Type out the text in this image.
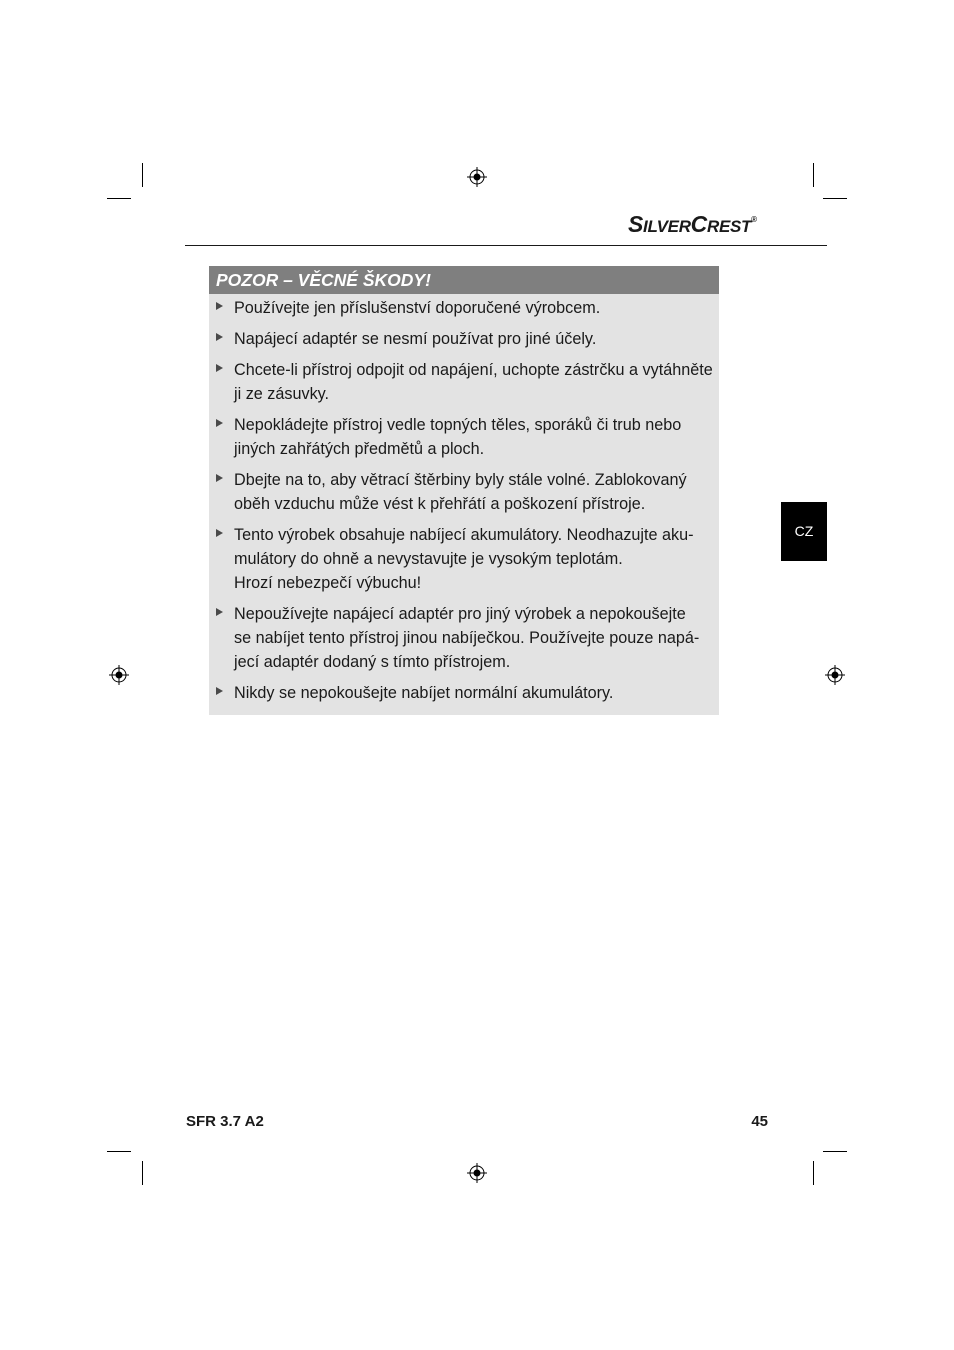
SILVERCREST®
POZOR – VĚCNÉ ŠKODY!
Používejte jen příslušenství doporučené výrobcem.
Napájecí adaptér se nesmí používat pro jiné účely.
Chcete-li přístroj odpojit od napájení, uchopte zástrčku a vytáhněte
ji ze zásuvky.
Nepokládejte přístroj vedle topných těles, sporáků či trub nebo
jiných zahřátých předmětů a ploch.
Dbejte na to, aby větrací štěrbiny byly stále volné. Zablokovaný
oběh vzduchu může vést k přehřátí a poškození přístroje.
Tento výrobek obsahuje nabíjecí akumulátory. Neodhazujte aku-
mulátory do ohně a nevystavujte je vysokým teplotám.
Hrozí nebezpečí výbuchu!
Nepoužívejte napájecí adaptér pro jiný výrobek a nepokoušejte
se nabíjet tento přístroj jinou nabíječkou. Používejte pouze napá-
jecí adaptér dodaný s tímto přístrojem.
Nikdy se nepokoušejte nabíjet normální akumulátory.
CZ
SFR 3.7 A2	45
